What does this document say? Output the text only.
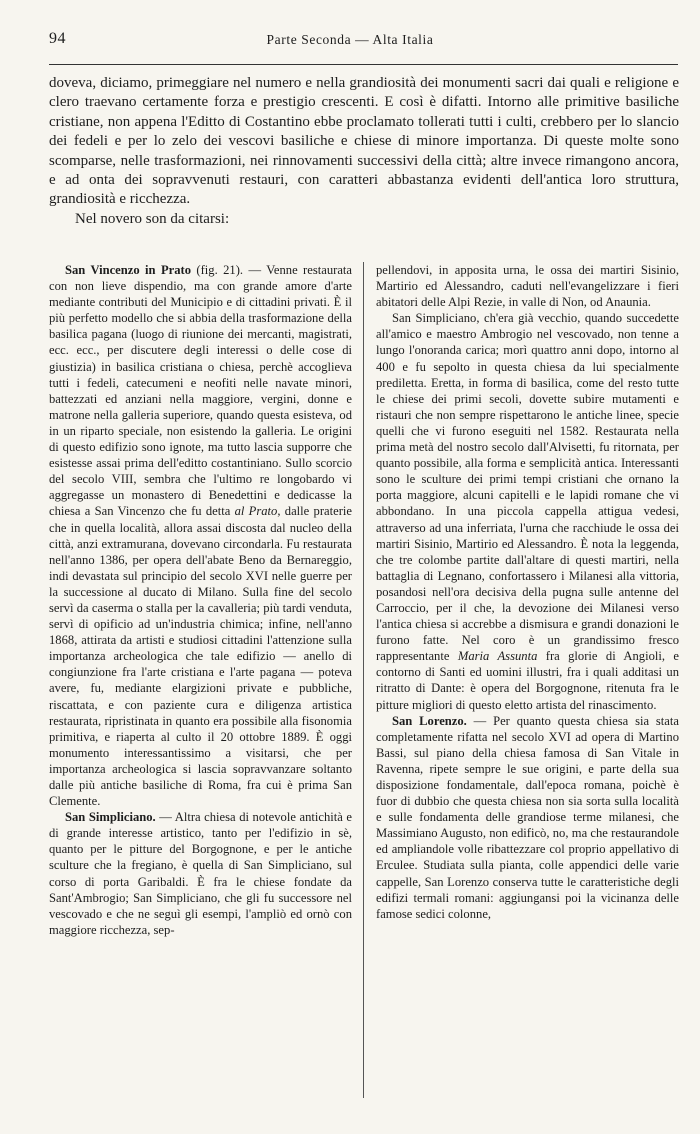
94	Parte Seconda — Alta Italia

doveva, diciamo, primeggiare nel numero e nella grandiosità dei monumenti sacri dai quali e religione e clero traevano certamente forza e prestigio crescenti. E così è difatti. Intorno alle primitive basiliche cristiane, non appena l'Editto di Costantino ebbe proclamato tollerati tutti i culti, crebbero per lo slancio dei fedeli e per lo zelo dei vescovi basiliche e chiese di minore importanza. Di queste molte sono scomparse, nelle trasformazioni, nei rinnovamenti successivi della città; altre invece rimangono ancora, e ad onta dei sopravvenuti restauri, con caratteri abbastanza evidenti dell'antica loro struttura, grandiosità e ricchezza.

Nel novero son da citarsi:

San Vincenzo in Prato (fig. 21). — Venne restaurata con non lieve dispendio, ma con grande amore d'arte mediante contributi del Municipio e di cittadini privati. È il più perfetto modello che si abbia della trasformazione della basilica pagana (luogo di riunione dei mercanti, magistrati, ecc. ecc., per discutere degli interessi o delle cose di giustizia) in basilica cristiana o chiesa, perchè accoglieva tutti i fedeli, catecumeni e neofiti nelle navate minori, battezzati ed anziani nella maggiore, vergini, donne e matrone nella galleria superiore, quando questa esisteva, od in un riparto speciale, non esistendo la galleria. Le origini di questo edifizio sono ignote, ma tutto lascia supporre che esistesse assai prima dell'editto costantiniano. Sullo scorcio del secolo VIII, sembra che l'ultimo re longobardo vi aggregasse un monastero di Benedettini e dedicasse la chiesa a San Vincenzo che fu detta al Prato, dalle praterie che in quella località, allora assai discosta dal nucleo della città, anzi extramurana, dovevano circondarla. Fu restaurata nell'anno 1386, per opera dell'abate Beno da Bernareggio, indi devastata sul principio del secolo XVI nelle guerre per la successione al ducato di Milano. Sulla fine del secolo servì da caserma o stalla per la cavalleria; più tardi venduta, servì di opificio ad un'industria chimica; infine, nell'anno 1868, attirata da artisti e studiosi cittadini l'attenzione sulla importanza archeologica che tale edifizio — anello di congiunzione fra l'arte cristiana e l'arte pagana — poteva avere, fu, mediante elargizioni private e pubbliche, riscattata, e con paziente cura e diligenza artistica restaurata, ripristinata in quanto era possibile alla fisonomia primitiva, e riaperta al culto il 20 ottobre 1889. È oggi monumento interessantissimo a visitarsi, che per importanza archeologica si lascia sopravvanzare soltanto dalle più antiche basiliche di Roma, fra cui è prima San Clemente.

San Simpliciano. — Altra chiesa di notevole antichità e di grande interesse artistico, tanto per l'edifizio in sè, quanto per le pitture del Borgognone, e per le antiche sculture che la fregiano, è quella di San Simpliciano, sul corso di porta Garibaldi. È fra le chiese fondate da Sant'Ambrogio; San Simpliciano, che gli fu successore nel vescovado e che ne seguì gli esempi, l'ampliò ed ornò con maggiore ricchezza, sep-

pellendovi, in apposita urna, le ossa dei martiri Sisinio, Martirio ed Alessandro, caduti nell'evangelizzare i fieri abitatori delle Alpi Rezie, in valle di Non, od Anaunia.

San Simpliciano, ch'era già vecchio, quando succedette all'amico e maestro Ambrogio nel vescovado, non tenne a lungo l'onoranda carica; morì quattro anni dopo, intorno al 400 e fu sepolto in questa chiesa da lui specialmente prediletta. Eretta, in forma di basilica, come del resto tutte le chiese dei primi secoli, dovette subire mutamenti e ristauri che non sempre rispettarono le antiche linee, specie quelli che vi furono eseguiti nel 1582. Restaurata nella prima metà del nostro secolo dall'Alvisetti, fu ritornata, per quanto possibile, alla forma e semplicità antica. Interessanti sono le sculture dei primi tempi cristiani che ornano la porta maggiore, alcuni capitelli e le lapidi romane che vi abbondano. In una piccola cappella attigua vedesi, attraverso ad una inferriata, l'urna che racchiude le ossa dei martiri Sisinio, Martirio ed Alessandro. È nota la leggenda, che tre colombe partite dall'altare di questi martiri, nella battaglia di Legnano, confortassero i Milanesi alla vittoria, posandosi nell'ora decisiva della pugna sulle antenne del Carroccio, per il che, la devozione dei Milanesi verso l'antica chiesa si accrebbe a dismisura e grandi donazioni le furono fatte. Nel coro è un grandissimo fresco rappresentante Maria Assunta fra glorie di Angioli, e contorno di Santi ed uomini illustri, fra i quali additasi un ritratto di Dante: è opera del Borgognone, ritenuta fra le pitture migliori di questo eletto artista del rinascimento.

San Lorenzo. — Per quanto questa chiesa sia stata completamente rifatta nel secolo XVI ad opera di Martino Bassi, sul piano della chiesa famosa di San Vitale in Ravenna, ripete sempre le sue origini, e parte della sua disposizione fondamentale, dall'epoca romana, poichè è fuor di dubbio che questa chiesa non sia sorta sulla località e sulle fondamenta delle grandiose terme milanesi, che Massimiano Augusto, non edificò, no, ma che restaurandole ed ampliandole volle ribattezzare col proprio appellativo di Erculee. Studiata sulla pianta, colle appendici delle varie cappelle, San Lorenzo conserva tutte le caratteristiche degli edifizi termali romani: aggiungansi poi la vicinanza delle famose sedici colonne,
